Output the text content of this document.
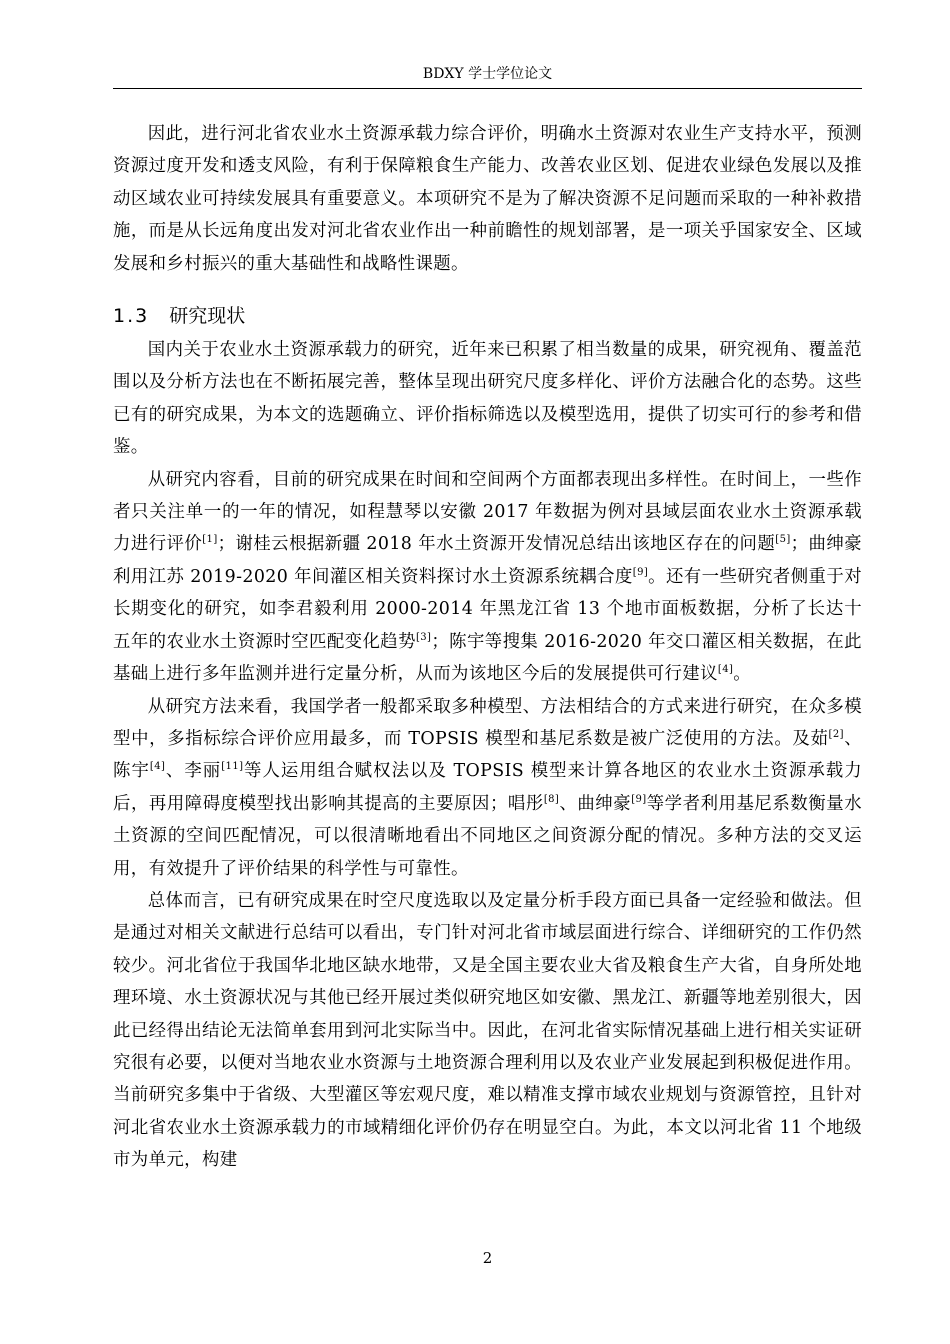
BDXY 学士学位论文

因此，进行河北省农业水土资源承载力综合评价，明确水土资源对农业生产支持水平，预测资源过度开发和透支风险，有利于保障粮食生产能力、改善农业区划、促进农业绿色发展以及推动区域农业可持续发展具有重要意义。本项研究不是为了解决资源不足问题而采取的一种补救措施，而是从长远角度出发对河北省农业作出一种前瞻性的规划部署，是一项关乎国家安全、区域发展和乡村振兴的重大基础性和战略性课题。

1.3 研究现状

国内关于农业水土资源承载力的研究，近年来已积累了相当数量的成果，研究视角、覆盖范围以及分析方法也在不断拓展完善，整体呈现出研究尺度多样化、评价方法融合化的态势。这些已有的研究成果，为本文的选题确立、评价指标筛选以及模型选用，提供了切实可行的参考和借鉴。

从研究内容看，目前的研究成果在时间和空间两个方面都表现出多样性。在时间上，一些作者只关注单一的一年的情况，如程慧琴以安徽 2017 年数据为例对县域层面农业水土资源承载力进行评价[1]；谢桂云根据新疆 2018 年水土资源开发情况总结出该地区存在的问题[5]；曲绅豪利用江苏 2019-2020 年间灌区相关资料探讨水土资源系统耦合度[9]。还有一些研究者侧重于对长期变化的研究，如李君毅利用 2000-2014 年黑龙江省 13 个地市面板数据，分析了长达十五年的农业水土资源时空匹配变化趋势[3]；陈宇等搜集 2016-2020 年交口灌区相关数据，在此基础上进行多年监测并进行定量分析，从而为该地区今后的发展提供可行建议[4]。

从研究方法来看，我国学者一般都采取多种模型、方法相结合的方式来进行研究，在众多模型中，多指标综合评价应用最多，而 TOPSIS 模型和基尼系数是被广泛使用的方法。及茹[2]、陈宇[4]、李丽[11]等人运用组合赋权法以及 TOPSIS 模型来计算各地区的农业水土资源承载力后，再用障碍度模型找出影响其提高的主要原因；唱彤[8]、曲绅豪[9]等学者利用基尼系数衡量水土资源的空间匹配情况，可以很清晰地看出不同地区之间资源分配的情况。多种方法的交叉运用，有效提升了评价结果的科学性与可靠性。

总体而言，已有研究成果在时空尺度选取以及定量分析手段方面已具备一定经验和做法。但是通过对相关文献进行总结可以看出，专门针对河北省市域层面进行综合、详细研究的工作仍然较少。河北省位于我国华北地区缺水地带，又是全国主要农业大省及粮食生产大省，自身所处地理环境、水土资源状况与其他已经开展过类似研究地区如安徽、黑龙江、新疆等地差别很大，因此已经得出结论无法简单套用到河北实际当中。因此，在河北省实际情况基础上进行相关实证研究很有必要，以便对当地农业水资源与土地资源合理利用以及农业产业发展起到积极促进作用。当前研究多集中于省级、大型灌区等宏观尺度，难以精准支撑市域农业规划与资源管控，且针对河北省农业水土资源承载力的市域精细化评价仍存在明显空白。为此，本文以河北省 11 个地级市为单元，构建

2
